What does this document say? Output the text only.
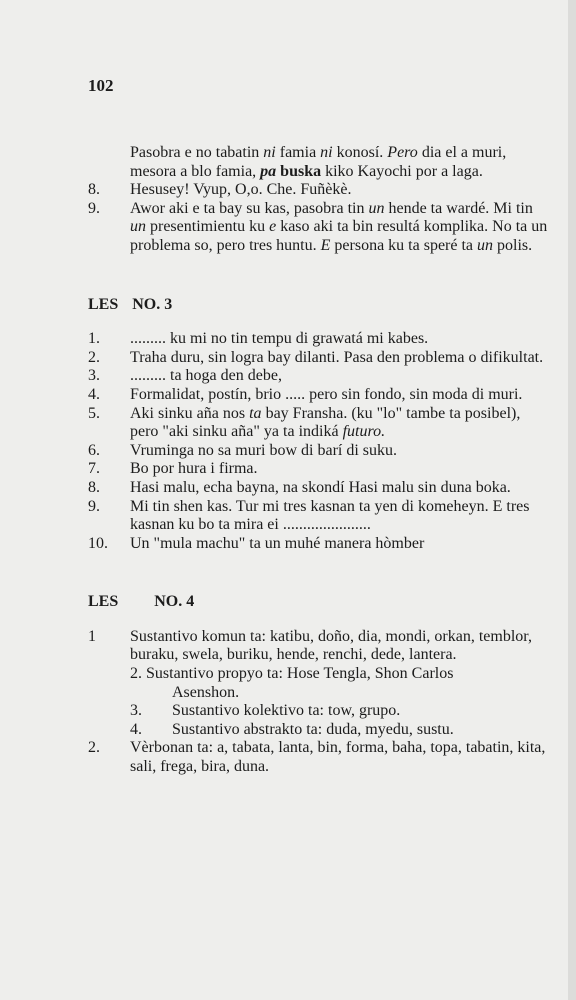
102
Pasobra e no tabatin ni famia ni konosí. Pero dia el a muri, mesora a blo famia, pa buska kiko Kayochi por a laga.
8. Hesusey! Vyup, O,o. Che. Fuñèkè.
9. Awor aki e ta bay su kas, pasobra tin un hende ta wardé. Mi tin un presentimientu ku e kaso aki ta bin resultá komplika. No ta un problema so, pero tres huntu. E persona ku ta speré ta un polis.
LES NO. 3
1. ......... ku mi no tin tempu di grawatá mi kabes.
2. Traha duru, sin logra bay dilanti. Pasa den problema o difikultat.
3. ......... ta hoga den debe,
4. Formalidat, postín, brio ..... pero sin fondo, sin moda di muri.
5. Aki sinku aña nos ta bay Fransha. (ku "lo" tambe ta posibel), pero "aki sinku aña" ya ta indiká futuro.
6. Vruminga no sa muri bow di barí di suku.
7. Bo por hura i firma.
8. Hasi malu, echa bayna, na skondí Hasi malu sin duna boka.
9. Mi tin shen kas. Tur mi tres kasnan ta yen di komeheyn. E tres kasnan ku bo ta mira ei ......................
10. Un "mula machu" ta un muhé manera hòmber
LES NO. 4
1 Sustantivo komun ta: katibu, doño, dia, mondi, orkan, temblor, buraku, swela, buriku, hende, renchi, dede, lantera.
2. Sustantivo propyo ta: Hose Tengla, Shon Carlos
Asenshon.
3. Sustantivo kolektivo ta: tow, grupo.
4. Sustantivo abstrakto ta: duda, myedu, sustu.
2. Vèrbonan ta: a, tabata, lanta, bin, forma, baha, topa, tabatin, kita, sali, frega, bira, duna.
